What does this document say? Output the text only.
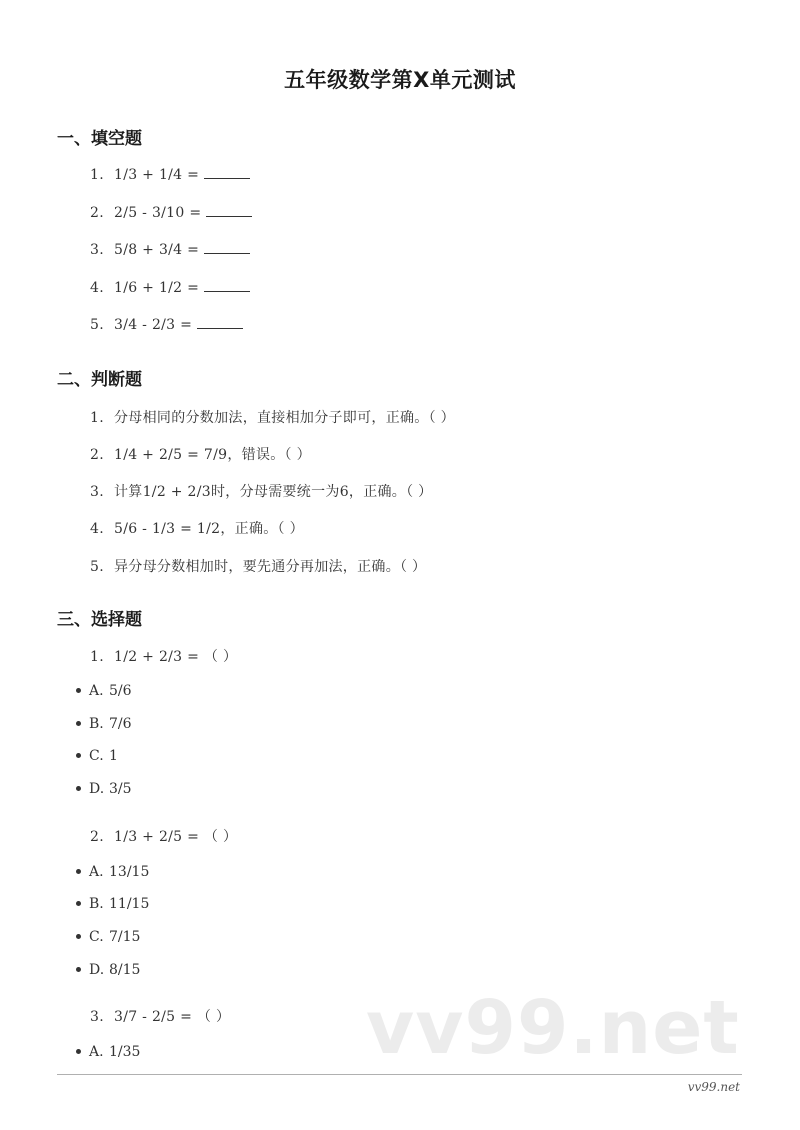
五年级数学第X单元测试
一、填空题
1. 1/3 + 1/4 =
2. 2/5 - 3/10 =
3. 5/8 + 3/4 =
4. 1/6 + 1/2 =
5. 3/4 - 2/3 =
二、判断题
1. 分母相同的分数加法，直接相加分子即可，正确。（ ）
2. 1/4 + 2/5 = 7/9，错误。（ ）
3. 计算1/2 + 2/3时，分母需要统一为6，正确。（ ）
4. 5/6 - 1/3 = 1/2，正确。（ ）
5. 异分母分数相加时，要先通分再加法，正确。（ ）
三、选择题
1. 1/2 + 2/3 = （ ）
A. 5/6
B. 7/6
C. 1
D. 3/5
2. 1/3 + 2/5 = （ ）
A. 13/15
B. 11/15
C. 7/15
D. 8/15
3. 3/7 - 2/5 = （ ）
A. 1/35	vv99.net
vv99.net
